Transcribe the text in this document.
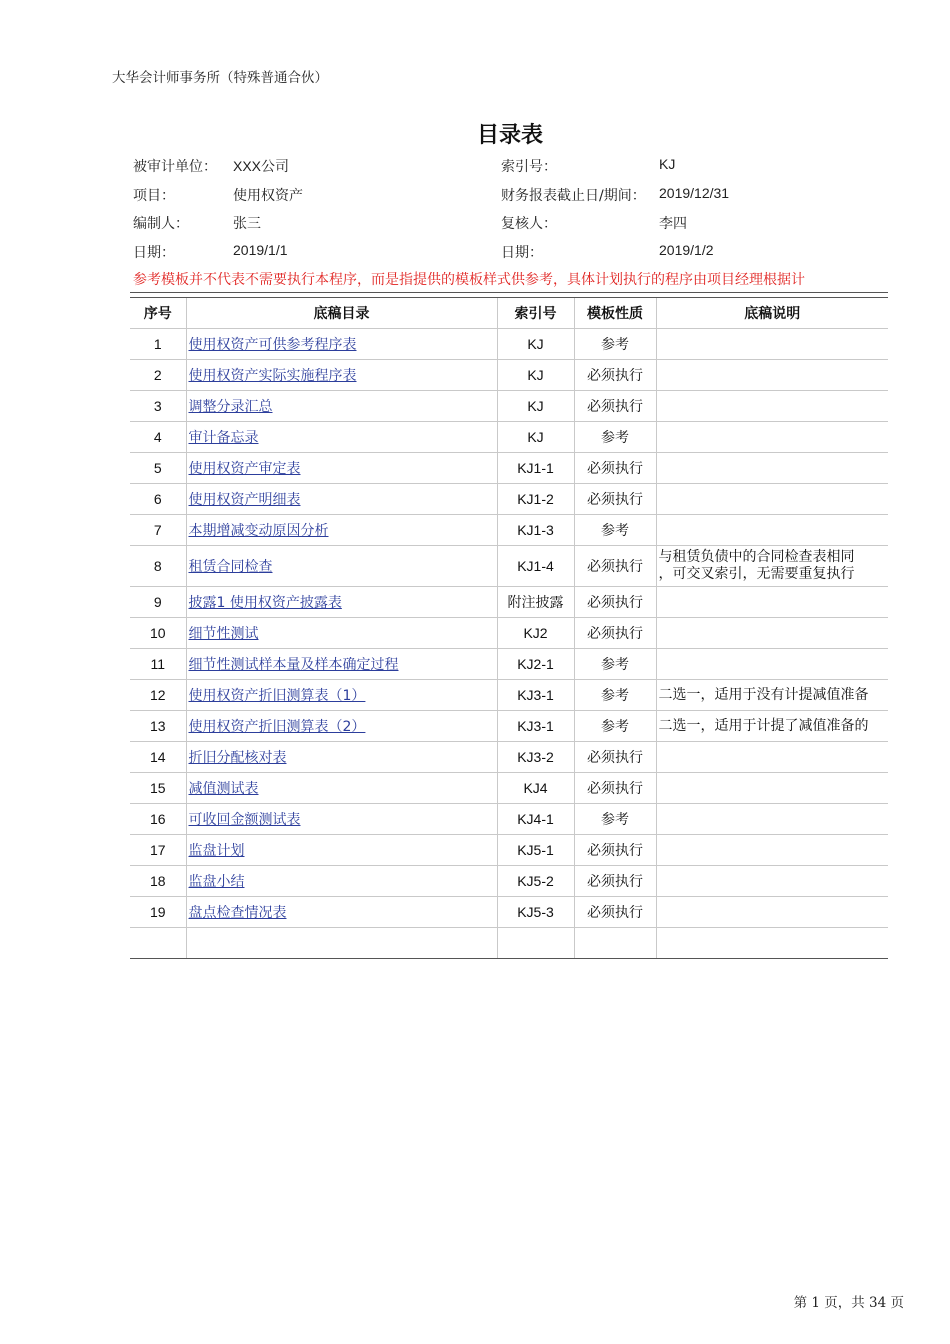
大华会计师事务所（特殊普通合伙）
目录表
被审计单位： XXX公司	索引号：	KJ
项目：	使用权资产	财务报表截止日/期间： 2019/12/31
编制人：	张三	复核人：	李四
日期：	2019/1/1	日期：	2019/1/2
参考模板并不代表不需要执行本程序，而是指提供的模板样式供参考，具体计划执行的程序由项目经理根据计
序号	底稿目录	索引号	模板性质	底稿说明
1	使用权资产可供参考程序表	KJ	参考	
2	使用权资产实际实施程序表	KJ	必须执行	
3	调整分录汇总	KJ	必须执行	
4	审计备忘录	KJ	参考	
5	使用权资产审定表	KJ1-1	必须执行	
6	使用权资产明细表	KJ1-2	必须执行	
7	本期增减变动原因分析	KJ1-3	参考	
8	租赁合同检查	KJ1-4	必须执行	与租赁负债中的合同检查表相同
，可交叉索引，无需要重复执行

9	披露1 使用权资产披露表	附注披露	必须执行	
10	细节性测试	KJ2	必须执行	
11	细节性测试样本量及样本确定过程	KJ2-1	参考	
12	使用权资产折旧测算表（1）	KJ3-1	参考	二选一，适用于没有计提减值准备
13	使用权资产折旧测算表（2）	KJ3-1	参考	二选一，适用于计提了减值准备的
14	折旧分配核对表	KJ3-2	必须执行	
15	减值测试表	KJ4	必须执行	
16	可收回金额测试表	KJ4-1	参考	
17	监盘计划	KJ5-1	必须执行	
18	监盘小结	KJ5-2	必须执行	
19	盘点检查情况表	KJ5-3	必须执行	

第 1 页，共 34 页
